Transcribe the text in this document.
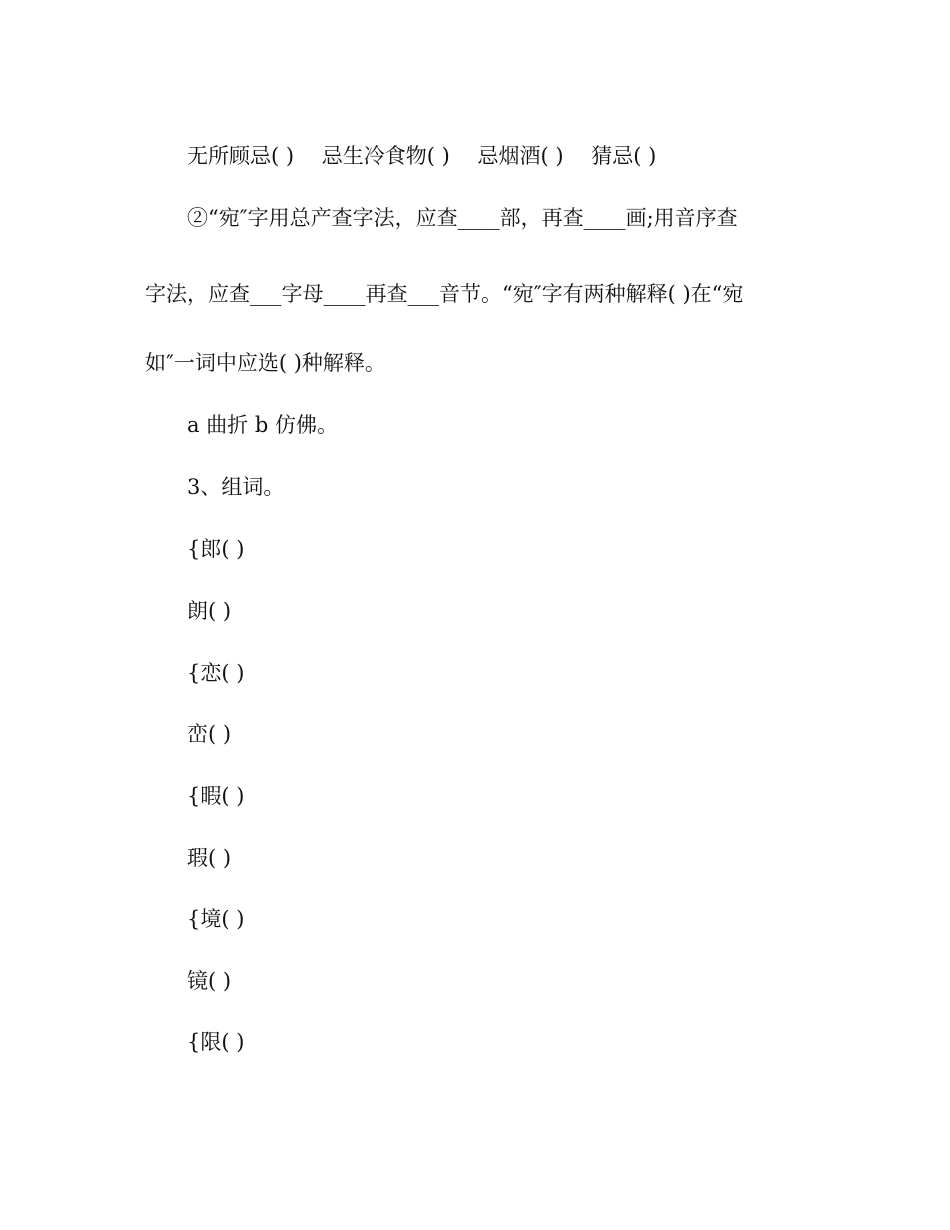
无所顾忌( )　 忌生冷食物( )　 忌烟酒( )　 猜忌( )
②“宛″字用总产查字法，应查____部，再查____画;用音序查
字法，应查___字母____再查___音节。“宛″字有两种解释( )在“宛
如″一词中应选( )种解释。
a 曲折 b 仿佛。
3、组词。
{郎( )
朗( )
{恋( )
峦( )
{暇( )
瑕( )
{境( )
镜( )
{限( )
